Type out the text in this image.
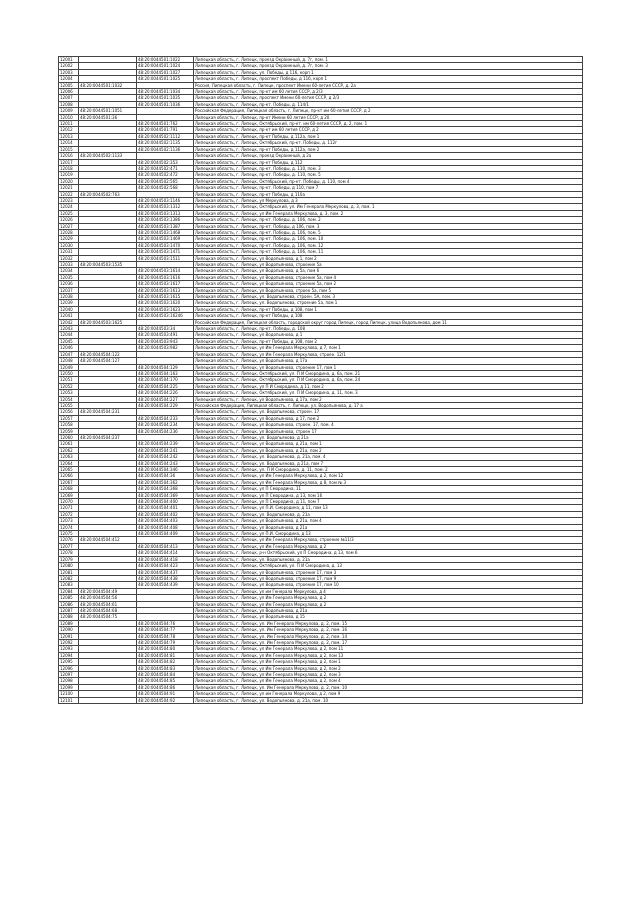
12001		48:20:0044501:1022	Липецкая область, г. Липецк, проезд Окраинный, д. 7г, пом. 1
12002		48:20:0044501:1024	Липецкая область, г. Липецк, проезд Окраинный, д. 7г, пом. 3
12003		48:20:0044501:1027	Липецкая область, г. Липецк, ул. Победы, д 116, корп 1
12004		48:20:0044501:1025	Липецкая область, г. Липецк, проспект Победы, д 116, корп 1
12005	48:20:0044501:1032		Россия, Липецкая область, г. Липецк, проспект Имени 60-летия СССР, д. 2а
12006		48:20:0044501:1034	Липецкая область, г. Липецк, пр-кт им 60 летия СССР, д 2/3
12007		48:20:0044501:1035	Липецкая область, г. Липецк, проспект Имени 60-летия СССР, д 2/3
12008		48:20:0044501:1036	Липецкая область, г. Липецк, пр-кт. Победы, д. 114/1
12009	48:20:0044501:1051		Российская Федерация, Липецкая область, г. Липецк, пр-кт им 60-летия СССР, д 2
12010	48:20:0044501:36		Липецкая область, г. Липецк, пр-кт Имени 60 летия СССР, д 20
12011		48:20:0044501:762	Липецкая область, г. Липецк, Октябрьский, пр-кт. им 60-летия СССР, д. 2, пом. 1
12012		48:20:0044501:791	Липецкая область, г. Липецк, пр-кт им 60 летия СССР, д 2
12013		48:20:0044502:1112	Липецкая область, г. Липецк, пр-кт Победы, д 112а, пом 1
12014		48:20:0044502:1135	Липецкая область, г. Липецк, Октябрьский, пр-кт. Победы, д. 112г
12015		48:20:0044502:1136	Липецкая область, г. Липецк, пр-кт Победы, д 112а, пом 2
12016	48:20:0044502:1133		Липецкая область, г. Липецк, проезд Окраинный, д 2а
12017		48:20:0044502:353	Липецкая область, г. Липецк, пр-кт Победы, д 112
12018		48:20:0044502:471	Липецкая область, г. Липецк, пр-кт. Победы, д. 110, пом. 3
12019		48:20:0044502:472	Липецкая область, г. Липецк, пр-кт. Победы, д. 110, пом. 5
12020		48:20:0044502:565	Липецкая область, г. Липецк, Октябрьский, пр-кт. Победы, д. 110, пом 4
12021		48:20:0044502:568	Липецкая область, г. Липецк, пр-кт. Победы, д 110, пом 7
12022	48:20:0044502:763		Липецкая область, г. Липецк, пр-кт Победы, д 110а
12023		48:20:0044503:1146	Липецкая область, г. Липецк, ул Меркулова, д 3
12024		48:20:0044503:1312	Липецкая область, г. Липецк, Октябрьский, ул. Им Генерала Меркулова, д. 3, пом. 1
12025		48:20:0044503:1313	Липецкая область, г. Липецк, ул Им Генерала Меркулова, д. 3, пом. 2
12026		48:20:0044503:1386	Липецкая область, г. Липецк, пр-кт. Победы, д. 106, пом. 2
12027		48:20:0044503:1387	Липецкая область, г. Липецк, пр-кт. Победы, д 106, пом. 3
12028		48:20:0044503:1468	Липецкая область, г. Липецк, пр-кт. Победы, д. 106, пом. 5
12029		48:20:0044503:1469	Липецкая область, г. Липецк, пр-кт. Победы, д. 106, пом. 10
12030		48:20:0044503:1470	Липецкая область, г. Липецк, пр-кт. Победы, д. 106, пом. 12
12031		48:20:0044503:1471	Липецкая область, г. Липецк, пр-кт. Победы, д. 106, пом. 11
12032		48:20:0044503:1511	Липецкая область, г. Липецк, ул Водопьянова, д 1, пом 2
12033	48:20:0044503:1535		Липецкая область, г. Липецк, ул Водопьянова, строение 5а
12034		48:20:0044503:1614	Липецкая область, г. Липецк, ул Водопьянова, д 5а, пом 6
12035		48:20:0044503:1616	Липецкая область, г. Липецк, ул Водопьянова, строение 5а, пом 4
12036		48:20:0044503:1617	Липецкая область, г. Липецк, ул Водопьянова, строение 5а, пом 2
12037		48:20:0044503:1613	Липецкая область, г. Липецк, ул Водопьянова, строен 5а, пом 5
12038		48:20:0044503:1615	Липецкая область, г. Липецк, ул. Водопьянова, строен. 5А, пом. 3
12039		48:20:0044503:1620	Липецкая область, г. Липецк, ул. Водопьянова, строение 5а, пом 1
12040		48:20:0044503:1623	Липецкая область, г. Липецк, пр-кт Победы, д 108, пом 1
12041		48:20:0044503:1624б	Липецкая область, г. Липецк, пр-кт Победы, д 108
12042	48:20:0044503:1625		Российская Федерация, Липецкая область, городской округ город Липецк, город Липецк, улица Водопьянова, дом 11
12043		48:20:0044503:34	Липецкая область, г. Липецк, пр-кт. Победы, д. 108
12044		48:20:0044503:491	Липецкая область, г. Липецк, ул Водопьянова, д 1
12045		48:20:0044503:943	Липецкая область, г. Липецк, пр-кт Победы, д 108, пом 2
12046		48:20:0044503:982	Липецкая область, г. Липецк, ул Им Генерала Меркулова, д 7, пом 1
12047	48:20:0044504:122		Липецкая область, г. Липецк, ул Им Генерала Меркулова, строен. 12/1
12048	48:20:0044504:127		Липецкая область, г. Липецк, ул Водопьянова, д 17а
12049		48:20:0044504:129	Липецкая область, г. Липецк, ул Водопьянова, строение 17, пом 1
12050		48:20:0044504:163	Липецкая область, г. Липецк, Октябрьский, ул. П И Смородина, д. 6а, пом. 21
12051		48:20:0044504:170	Липецкая область, г. Липецк, Октябрьский, ул. П И Смородина, д. 6а, пом. 24
12052		48:20:0044504:225	Липецкая область, г. Липецк, ул П И Смородина, д 11, пом 2
12053		48:20:0044504:226	Липецкая область, г. Липецк, Октябрьский, ул. П И Смородина, д. 11, пом. 3
12054		48:20:0044504:227	Липецкая область, г. Липецк, ул Водопьянова, д 17а, пом 2
12055		48:20:0044504:229	Российская Федерация, Липецкая область, г. Липецк, ул. Водопьянова, д. 17 а
12056	48:20:0044504:231		Липецкая область, г. Липецк, ул. Водопьянова, строен. 17
12057		48:20:0044504:233	Липецкая область, г. Липецк, ул Водопьянова, д 17, пом 2
12058		48:20:0044504:234	Липецкая область, г. Липецк, ул Водопьянова, строен. 17, пом. 4
12059		48:20:0044504:236	Липецкая область, г. Липецк, ул Водопьянова, строен 17
12060	48:20:0044504:237		Липецкая область, г. Липецк, ул. Водопьянова, д 21а
12061		48:20:0044504:239	Липецкая область, г. Липецк, ул Водопьянова, д 21а, пом 1
12062		48:20:0044504:241	Липецкая область, г. Липецк, ул Водопьянова, д 21а, пом 2
12063		48:20:0044504:242	Липецкая область, г. Липецк, ул. Водопьянова, д. 21а, пом. 4
12064		48:20:0044504:243	Липецкая область, г. Липецк, ул. Водопьянова, д 21а, пом 7
12065		48:20:0044504:346	Липецкая область, г. Липецк, ул. П И Смородина, д. 11, пом. 2
12066		48:20:0044504:36	Липецкая область, г. Липецк, ул Им Генерала Меркулова, д 2, пом 12
12067		48:20:0044504:362	Липецкая область, г. Липецк, ул Им Генерала Меркулова, д 8, пом № 3
12068		48:20:0044504:368	Липецкая область, г. Липецк, ул П Смородина, 11
12069		48:20:0044504:369	Липецкая область, г. Липецк, ул П Смородина, д 13, пом 16
12070		48:20:0044504:400	Липецкая область, г. Липецк, ул П Смородина, д 11, пом 7
12071		48:20:0044504:401	Липецкая область, г. Липецк, ул П.И. Смородина, д 11, пом 13
12072		48:20:0044504:402	Липецкая область, г. Липецк, ул. Водопьянова, д. 21а
12073		48:20:0044504:403	Липецкая область, г. Липецк, ул Водопьянова, д 21а, пом 4
12074		48:20:0044504:408	Липецкая область, г. Липецк, ул Водопьянова, д 21а
12075		48:20:0044504:409	Липецкая область, г. Липецк, ул П.И. Смородина, д 13
12076	48:20:0044504:412		Липецкая область, г. Липецк, ул Им Генерала Меркулова, строение №11/3
12077		48:20:0044504:413	Липецкая область, г. Липецк, ул Им Генерала Меркулова, д 2
12078		48:20:0044504:414	Липецкая область, г. Липецк, р-н Октябрьский, ул П Смородина, д 13, пом 6
12079		48:20:0044504:418	Липецкая область, г. Липецк, ул. Водопьянова, д. 21а
12080		48:20:0044504:423	Липецкая область, г. Липецк, Октябрьский, ул. П И Смородина, д. 13
12081		48:20:0044504:437	Липецкая область, г. Липецк, ул Водопьянова, строение 17, пом 3
12082		48:20:0044504:438	Липецкая область, г. Липецк, ул Водопьянова, строение 17, пом 9
12083		48:20:0044504:439	Липецкая область, г. Липецк, ул Водопьянова, строение 17, пом 10
12084	48:20:0044504:49		Липецкая область, г. Липецк, ул им Генерала Меркулова, д 4
12085	48:20:0044504:56		Липецкая область, г. Липецк, ул Им Генерала Меркулова, д 2
12086	48:20:0044504:61		Липецкая область, г. Липецк, ул Им Генерала Меркулова, д 2
12087	48:20:0044504:68		Липецкая область, г. Липецк, ул Водопьянова, д 21а
12088	48:20:0044504:75		Липецкая область, г. Липецк, ул Водопьянова, д 15
12089		48:20:0044504:76	Липецкая область, г. Липецк, ул. Им Генерала Меркулова, д. 2, пом. 15
12090		48:20:0044504:77	Липецкая область, г. Липецк, ул. Им Генерала Меркулова, д. 2, пом. 16
12091		48:20:0044504:78	Липецкая область, г. Липецк, ул. Им Генерала Меркулова, д. 2, пом. 14
12092		48:20:0044504:79	Липецкая область, г. Липецк, ул. Им Генерала Меркулова, д. 2, пом. 17
12093		48:20:0044504:80	Липецкая область, г. Липецк, ул Им Генерала Меркулова, д 2, пом 11
12094		48:20:0044504:81	Липецкая область, г. Липецк, ул Им Генерала Меркулова, д 2, пом 13
12095		48:20:0044504:82	Липецкая область, г. Липецк, ул Им Генерала Меркулова, д 2, пом 1
12096		48:20:0044504:83	Липецкая область, г. Липецк, ул Им Генерала Меркулова, д 2, пом 2
12097		48:20:0044504:84	Липецкая область, г. Липецк, ул Им Генерала Меркулова, д 2, пом 3
12098		48:20:0044504:85	Липецкая область, г. Липецк, ул Им Генерала Меркулова, д 2, пом 4
12099		48:20:0044504:86	Липецкая область, г. Липецк, ул. Им Генерала Меркулова, д. 2, пом. 10
12100		48:20:0044504:91	Липецкая область, г. Липецк, ул им Генерала Меркулова, д 2, пом 9
12101		48:20:0044504:92	Липецкая область, г. Липецк, ул. Водопьянова, д. 21а, пом. 10
